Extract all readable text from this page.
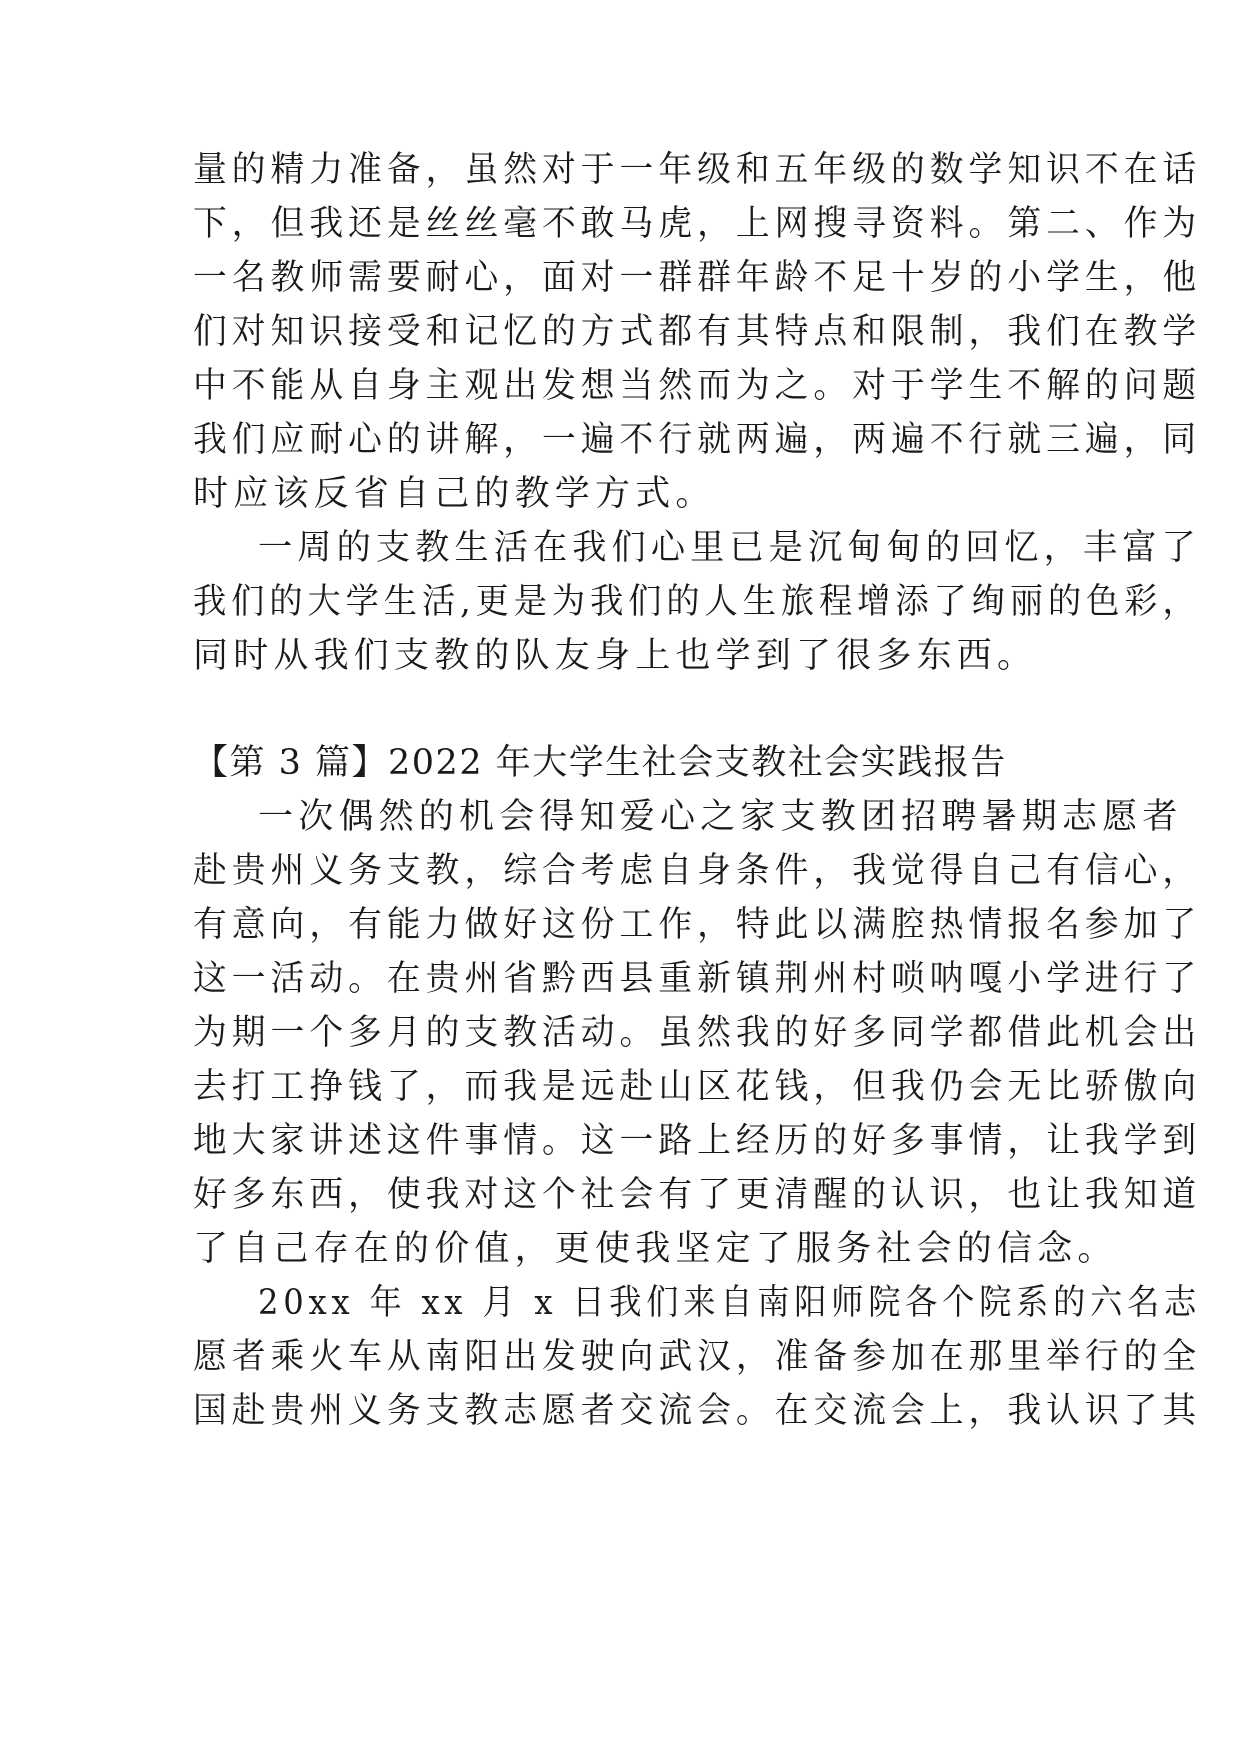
量的精力准备，虽然对于一年级和五年级的数学知识不在话
下，但我还是丝丝毫不敢马虎，上网搜寻资料。第二、作为
一名教师需要耐心，面对一群群年龄不足十岁的小学生，他
们对知识接受和记忆的方式都有其特点和限制，我们在教学
中不能从自身主观出发想当然而为之。对于学生不解的问题
我们应耐心的讲解，一遍不行就两遍，两遍不行就三遍，同
时应该反省自己的教学方式。
一周的支教生活在我们心里已是沉甸甸的回忆，丰富了
我们的大学生活,更是为我们的人生旅程增添了绚丽的色彩，
同时从我们支教的队友身上也学到了很多东西。
【第 3 篇】2022 年大学生社会支教社会实践报告
一次偶然的机会得知爱心之家支教团招聘暑期志愿者
赴贵州义务支教，综合考虑自身条件，我觉得自己有信心，
有意向，有能力做好这份工作，特此以满腔热情报名参加了
这一活动。在贵州省黔西县重新镇荆州村唢呐嘎小学进行了
为期一个多月的支教活动。虽然我的好多同学都借此机会出
去打工挣钱了，而我是远赴山区花钱，但我仍会无比骄傲向
地大家讲述这件事情。这一路上经历的好多事情，让我学到
好多东西，使我对这个社会有了更清醒的认识，也让我知道
了自己存在的价值，更使我坚定了服务社会的信念。
20xx 年 xx 月 x 日我们来自南阳师院各个院系的六名志
愿者乘火车从南阳出发驶向武汉，准备参加在那里举行的全
国赴贵州义务支教志愿者交流会。在交流会上，我认识了其
